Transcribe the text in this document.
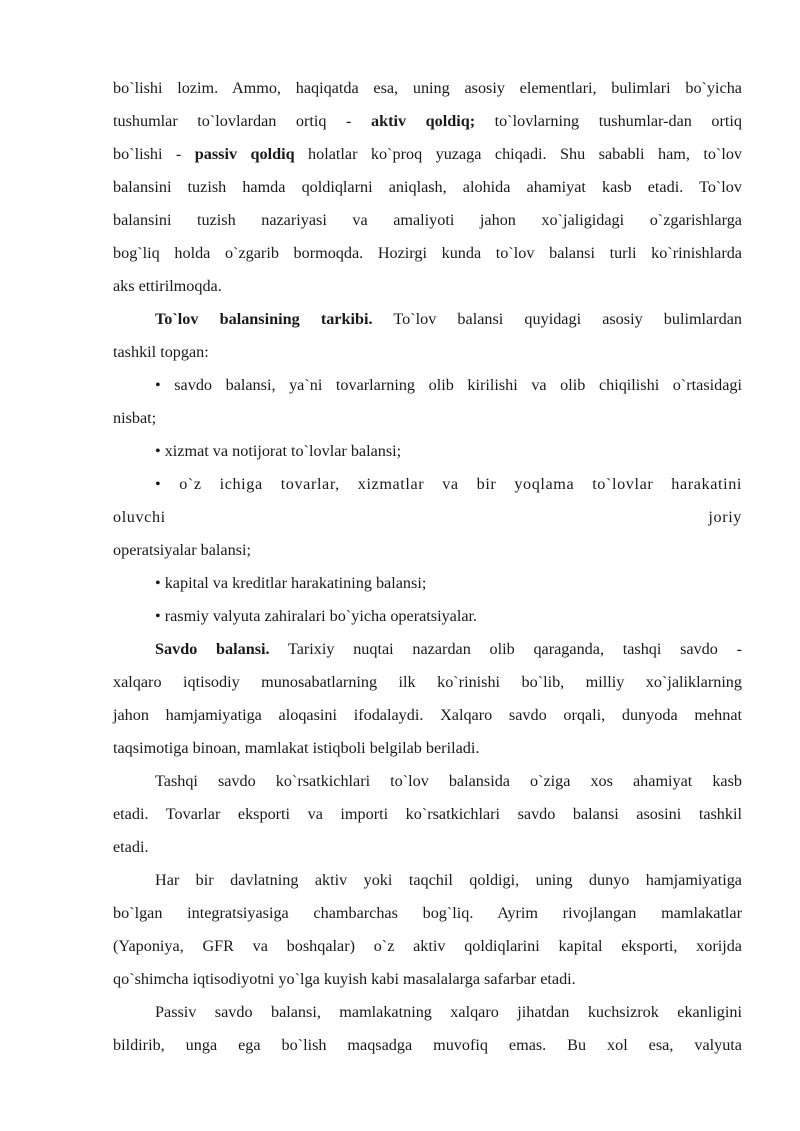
bo`lishi lozim. Ammo, haqiqatda esa, uning asosiy elementlari, bulimlari bo`yicha
tushumlar to`lovlardan ortiq - aktiv qoldiq; to`lovlarning tushumlar-dan ortiq
bo`lishi - passiv qoldiq holatlar ko`proq yuzaga chiqadi. Shu sababli ham, to`lov
balansini tuzish hamda qoldiqlarni aniqlash, alohida ahamiyat kasb etadi. To`lov
balansini tuzish nazariyasi va amaliyoti jahon xo`jaligidagi o`zgarishlarga
bog`liq holda o`zgarib bormoqda. Hozirgi kunda to`lov balansi turli ko`rinishlarda
aks ettirilmoqda.
To`lov balansining tarkibi. To`lov balansi quyidagi asosiy bulimlardan
tashkil topgan:
• savdo balansi, ya`ni tovarlarning olib kirilishi va olib chiqilishi o`rtasidagi
nisbat;
• xizmat va notijorat to`lovlar balansi;
• o`z ichiga tovarlar, xizmatlar va bir yoqlama to`lovlar harakatini
oluvchi joriy
operatsiyalar balansi;
• kapital va kreditlar harakatining balansi;
• rasmiy valyuta zahiralari bo`yicha operatsiyalar.
Savdo balansi. Tarixiy nuqtai nazardan olib qaraganda, tashqi savdo -
xalqaro iqtisodiy munosabatlarning ilk ko`rinishi bo`lib, milliy xo`jaliklarning
jahon hamjamiyatiga aloqasini ifodalaydi. Xalqaro savdo orqali, dunyoda mehnat
taqsimotiga binoan, mamlakat istiqboli belgilab beriladi.
Tashqi savdo ko`rsatkichlari to`lov balansida o`ziga xos ahamiyat kasb
etadi. Tovarlar eksporti va importi ko`rsatkichlari savdo balansi asosini tashkil
etadi.
Har bir davlatning aktiv yoki taqchil qoldigi, uning dunyo hamjamiyatiga
bo`lgan integratsiyasiga chambarchas bog`liq. Ayrim rivojlangan mamlakatlar
(Yaponiya, GFR va boshqalar) o`z aktiv qoldiqlarini kapital eksporti, xorijda
qo`shimcha iqtisodiyotni yo`lga kuyish kabi masalalarga safarbar etadi.
Passiv savdo balansi, mamlakatning xalqaro jihatdan kuchsizrok ekanligini
bildirib, unga ega bo`lish maqsadga muvofiq emas. Bu xol esa, valyuta
